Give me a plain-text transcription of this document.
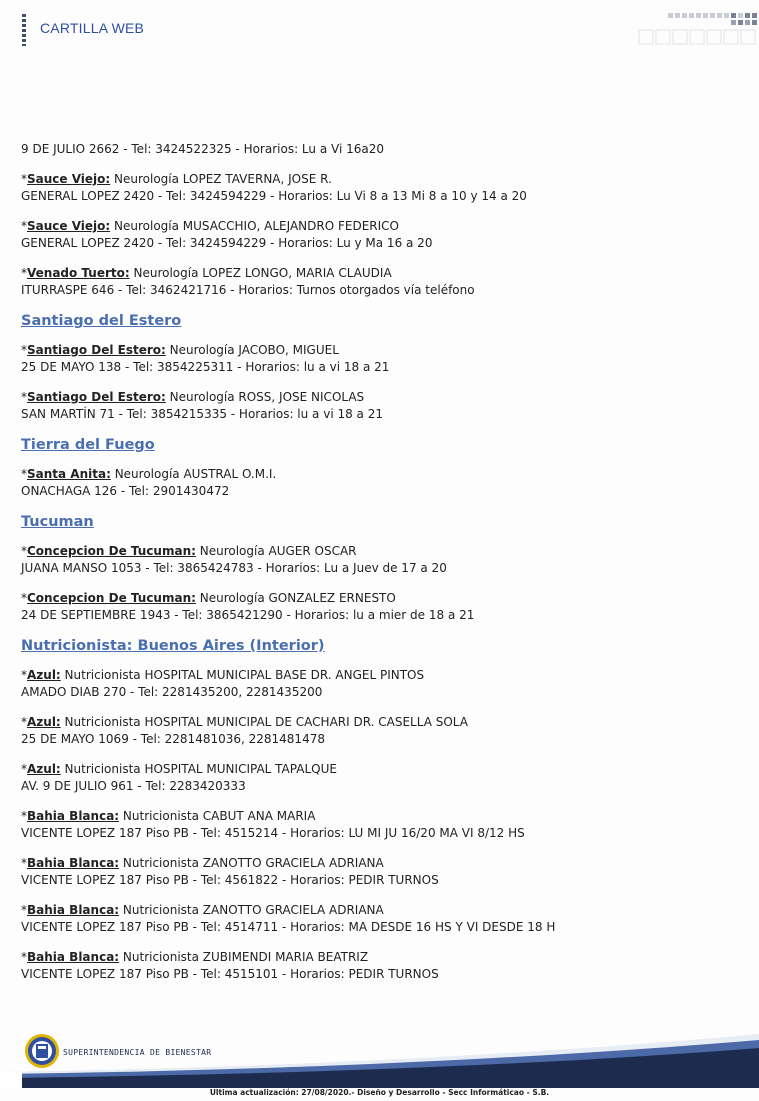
CARTILLA WEB
9 DE JULIO 2662 - Tel: 3424522325 - Horarios: Lu a Vi 16a20
*Sauce Viejo: Neurología LOPEZ TAVERNA, JOSE R.
GENERAL LOPEZ 2420 - Tel: 3424594229 - Horarios: Lu Vi 8 a 13 Mi 8 a 10 y 14 a 20
*Sauce Viejo: Neurología MUSACCHIO, ALEJANDRO FEDERICO
GENERAL LOPEZ 2420 - Tel: 3424594229 - Horarios: Lu y Ma 16 a 20
*Venado Tuerto: Neurología LOPEZ LONGO, MARIA CLAUDIA
ITURRASPE 646 - Tel: 3462421716 - Horarios: Turnos otorgados vía teléfono
Santiago del Estero
*Santiago Del Estero: Neurología JACOBO, MIGUEL
25 DE MAYO 138 - Tel: 3854225311 - Horarios: lu a vi 18 a 21
*Santiago Del Estero: Neurología ROSS, JOSE NICOLAS
SAN MARTÍN 71 - Tel: 3854215335 - Horarios: lu a vi 18 a 21
Tierra del Fuego
*Santa Anita: Neurología AUSTRAL O.M.I.
ONACHAGA 126 - Tel: 2901430472
Tucuman
*Concepcion De Tucuman: Neurología AUGER OSCAR
JUANA MANSO 1053 - Tel: 3865424783 - Horarios: Lu a Juev de 17 a 20
*Concepcion De Tucuman: Neurología GONZALEZ ERNESTO
24 DE SEPTIEMBRE 1943 - Tel: 3865421290 - Horarios: lu a mier de 18 a 21
Nutricionista: Buenos Aires (Interior)
*Azul: Nutricionista HOSPITAL MUNICIPAL BASE DR. ANGEL PINTOS
AMADO DIAB 270 - Tel: 2281435200, 2281435200
*Azul: Nutricionista HOSPITAL MUNICIPAL DE CACHARI DR. CASELLA SOLA
25 DE MAYO 1069 - Tel: 2281481036, 2281481478
*Azul: Nutricionista HOSPITAL MUNICIPAL TAPALQUE
AV. 9 DE JULIO 961 - Tel: 2283420333
*Bahia Blanca: Nutricionista CABUT ANA MARIA
VICENTE LOPEZ 187 Piso PB - Tel: 4515214 - Horarios: LU MI JU 16/20 MA VI 8/12 HS
*Bahia Blanca: Nutricionista ZANOTTO GRACIELA ADRIANA
VICENTE LOPEZ 187 Piso PB - Tel: 4561822 - Horarios: PEDIR TURNOS
*Bahia Blanca: Nutricionista ZANOTTO GRACIELA ADRIANA
VICENTE LOPEZ 187 Piso PB - Tel: 4514711 - Horarios: MA DESDE 16 HS Y VI DESDE 18 H
*Bahia Blanca: Nutricionista ZUBIMENDI MARIA BEATRIZ
VICENTE LOPEZ 187 Piso PB - Tel: 4515101 - Horarios: PEDIR TURNOS
SUPERINTENDENCIA DE BIENESTAR
Ultima actualización: 27/08/2020.- Diseño y Desarrollo - Secc Informáticao - S.B.
